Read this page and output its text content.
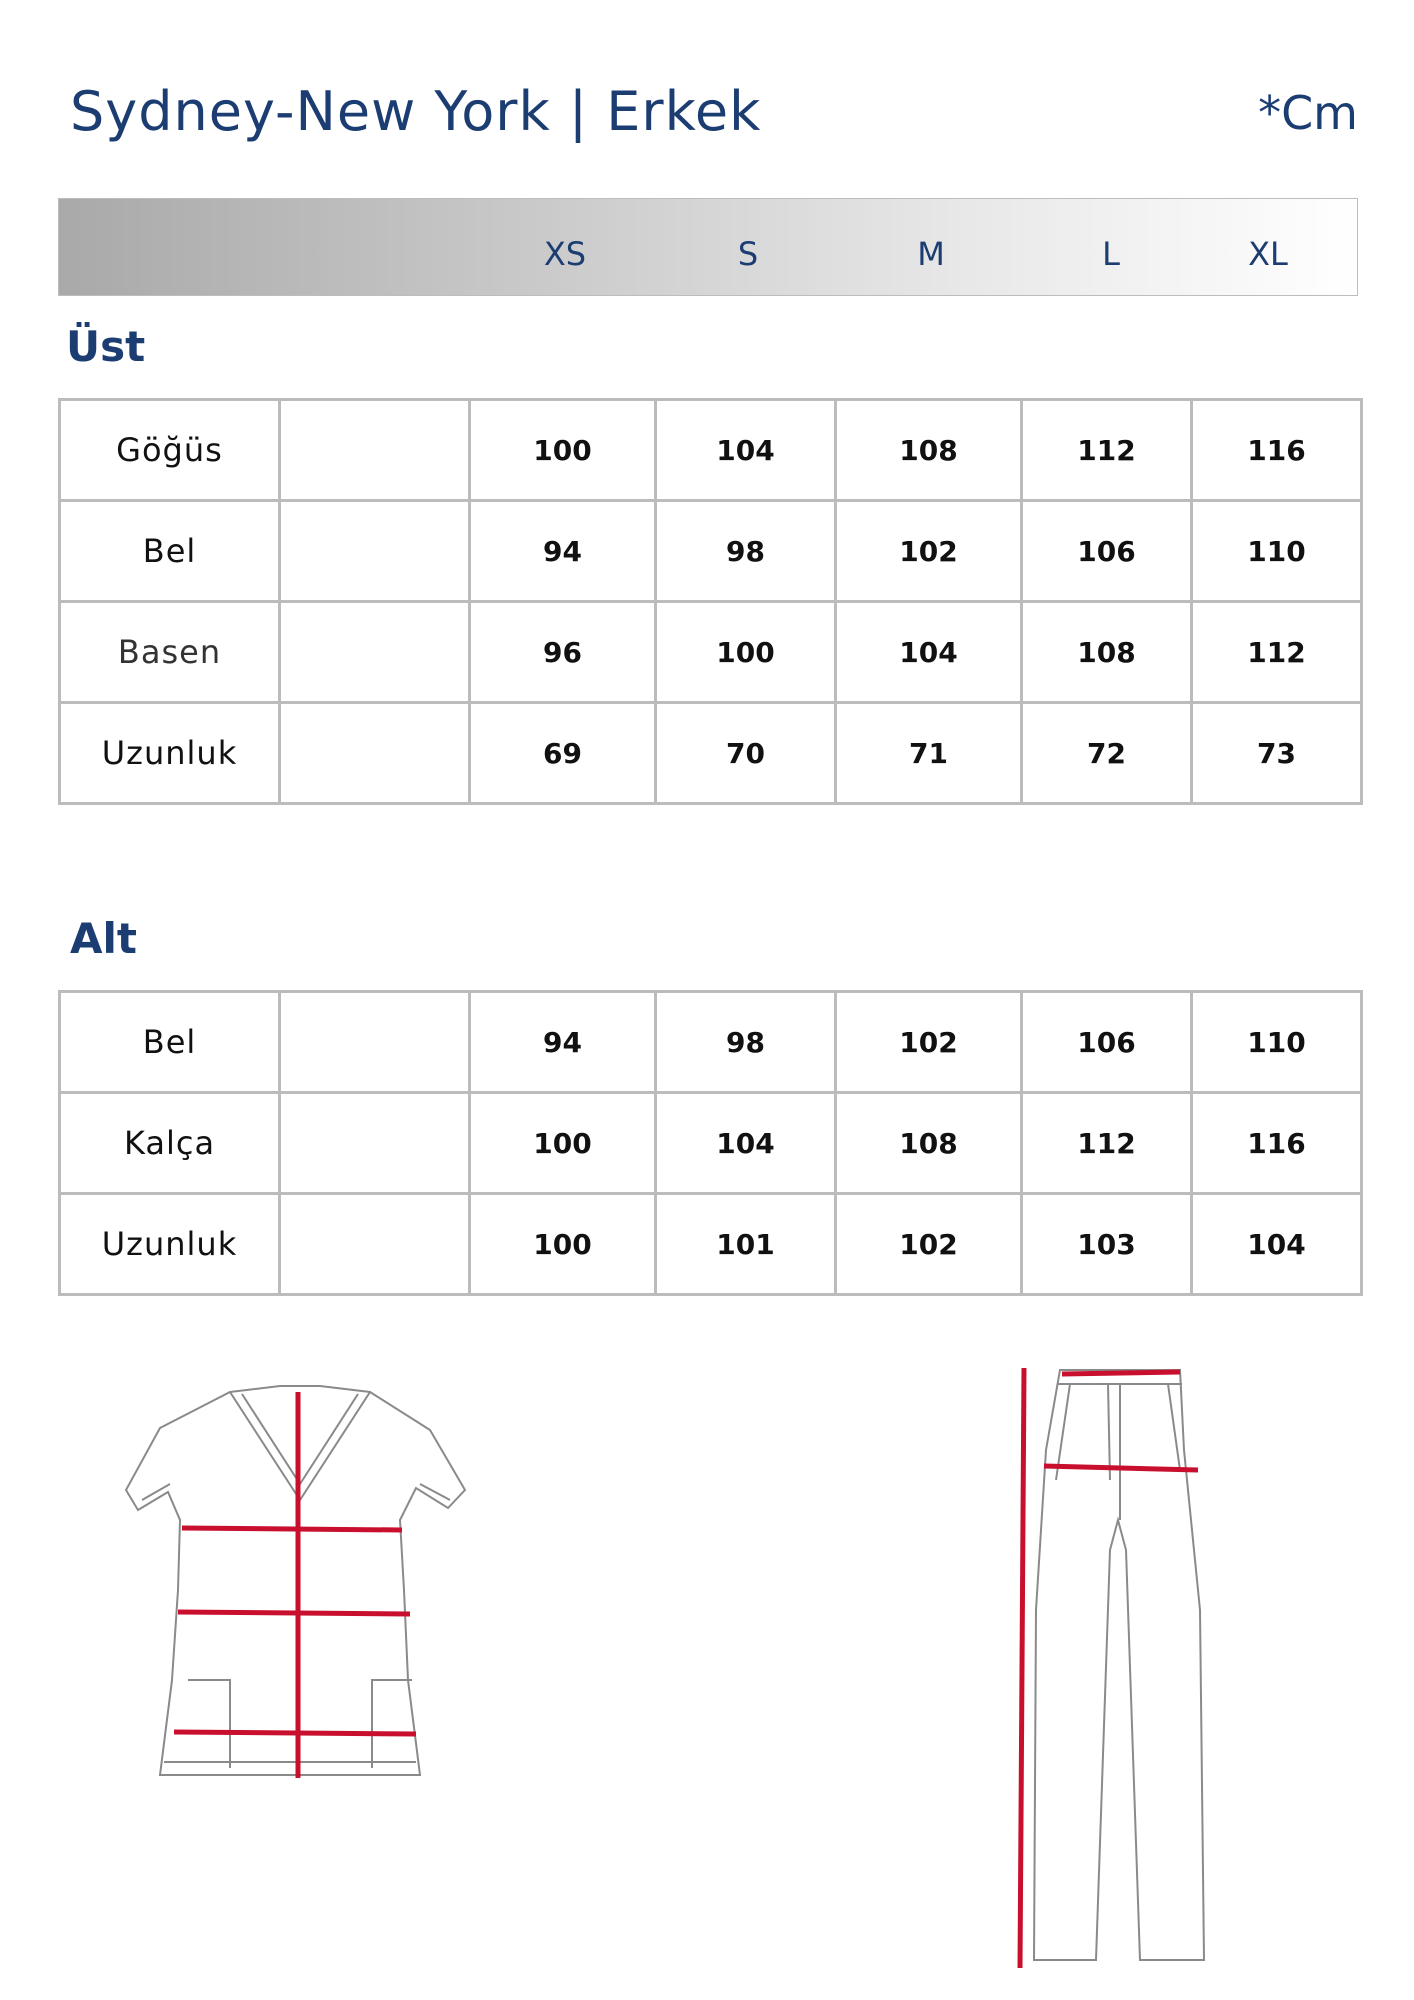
Sydney-New York | Erkek	*Cm
XS	S	M	L	XL
Üst
Göğüs		100	104	108	112	116
Bel		94	98	102	106	110
Basen		96	100	104	108	112
Uzunluk		69	70	71	72	73
Alt
Bel		94	98	102	106	110
Kalça		100	104	108	112	116
Uzunluk		100	101	102	103	104
